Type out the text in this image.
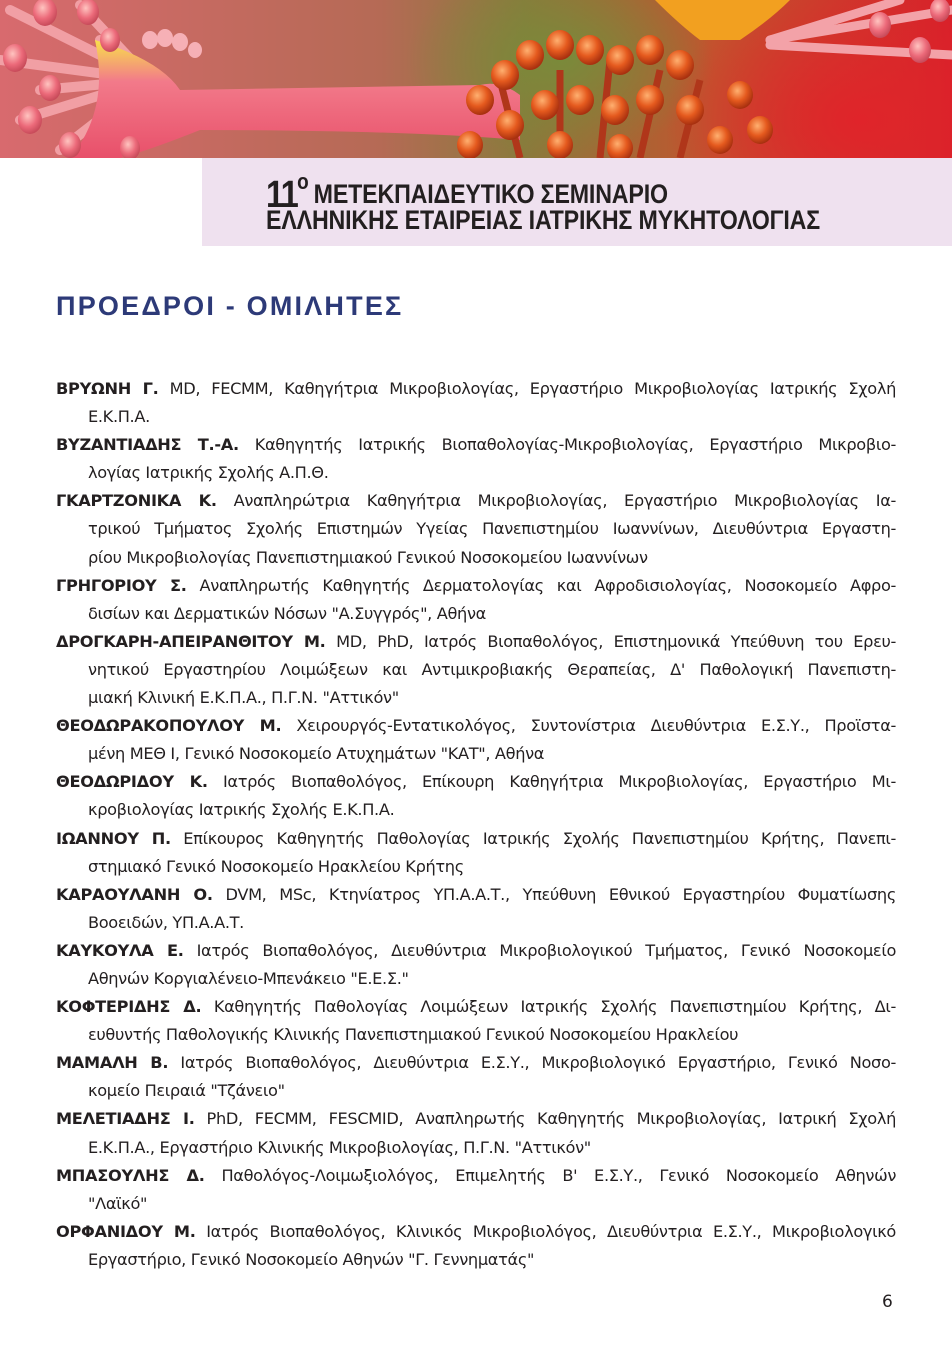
$11^o$ ΜΕΤΕΚΠΑΙΔΕΥΤΙΚΟ ΣΕΜΙΝΑΡΙΟ
ΕΛΛΗΝΙΚΗΣ ΕΤΑΙΡΕΙΑΣ ΙΑΤΡΙΚΗΣ ΜΥΚΗΤΟΛΟΓΙΑΣ
ΠΡΟΕΔΡΟΙ - ΟΜΙΛΗΤΕΣ
ΒΡΥΩΝΗ Γ. MD, FECMM, Καθηγήτρια Μικροβιολογίας, Εργαστήριο Μικροβιολογίας Ιατρικής Σχολή
Ε.Κ.Π.Α.
ΒΥΖΑΝΤΙΑΔΗΣ Τ.-Α. Καθηγητής Ιατρικής Βιοπαθολογίας-Μικροβιολογίας, Εργαστήριο Μικροβιο-
λογίας Ιατρικής Σχολής Α.Π.Θ.
ΓΚΑΡΤΖΟΝΙΚΑ Κ. Αναπληρώτρια Καθηγήτρια Μικροβιολογίας, Εργαστήριο Μικροβιολογίας Ια-
τρικού Τμήματος Σχολής Επιστημών Υγείας Πανεπιστημίου Ιωαννίνων, Διευθύντρια Εργαστη-
ρίου Μικροβιολογίας Πανεπιστημιακού Γενικού Νοσοκομείου Ιωαννίνων
ΓΡΗΓΟΡΙΟΥ Σ. Αναπληρωτής Καθηγητής Δερματολογίας και Αφροδισιολογίας, Νοσοκομείο Αφρο-
δισίων και Δερματικών Νόσων "Α.Συγγρός", Αθήνα
ΔΡΟΓΚΑΡΗ-ΑΠΕΙΡΑΝΘΙΤΟΥ Μ. MD, PhD, Ιατρός Βιοπαθολόγος, Επιστημονικά Υπεύθυνη του Ερευ-
νητικού Εργαστηρίου Λοιμώξεων και Αντιμικροβιακής Θεραπείας, Δ' Παθολογική Πανεπιστη-
μιακή Κλινική Ε.Κ.Π.Α., Π.Γ.Ν. "Αττικόν"
ΘΕΟΔΩΡΑΚΟΠΟΥΛΟΥ Μ. Χειρουργός-Εντατικολόγος, Συντονίστρια Διευθύντρια Ε.Σ.Υ., Προϊστα-
μένη ΜΕΘ Ι, Γενικό Νοσοκομείο Ατυχημάτων "ΚΑΤ", Αθήνα
ΘΕΟΔΩΡΙΔΟΥ Κ. Ιατρός Βιοπαθολόγος, Επίκουρη Καθηγήτρια Μικροβιολογίας, Εργαστήριο Μι-
κροβιολογίας Ιατρικής Σχολής Ε.Κ.Π.Α.
ΙΩΑΝΝΟΥ Π. Επίκουρος Καθηγητής Παθολογίας Ιατρικής Σχολής Πανεπιστημίου Κρήτης, Πανεπι-
στημιακό Γενικό Νοσοκομείο Ηρακλείου Κρήτης
ΚΑΡΑΟΥΛΑΝΗ Ο. DVM, MSc, Κτηνίατρος ΥΠ.Α.Α.Τ., Υπεύθυνη Εθνικού Εργαστηρίου Φυματίωσης
Βοοειδών, ΥΠ.Α.Α.Τ.
ΚΑΥΚΟΥΛΑ Ε. Ιατρός Βιοπαθολόγος, Διευθύντρια Μικροβιολογικού Τμήματος, Γενικό Νοσοκομείο
Αθηνών Κοργιαλένειο-Μπενάκειο "Ε.Ε.Σ."
ΚΟΦΤΕΡΙΔΗΣ Δ. Καθηγητής Παθολογίας Λοιμώξεων Ιατρικής Σχολής Πανεπιστημίου Κρήτης, Δι-
ευθυντής Παθολογικής Κλινικής Πανεπιστημιακού Γενικού Νοσοκομείου Ηρακλείου
ΜΑΜΑΛΗ Β. Ιατρός Βιοπαθολόγος, Διευθύντρια Ε.Σ.Υ., Μικροβιολογικό Εργαστήριο, Γενικό Νοσο-
κομείο Πειραιά "Τζάνειο"
ΜΕΛΕΤΙΑΔΗΣ Ι. PhD, FECMM, FESCMID, Αναπληρωτής Καθηγητής Μικροβιολογίας, Ιατρική Σχολή
Ε.Κ.Π.Α., Εργαστήριο Κλινικής Μικροβιολογίας, Π.Γ.Ν. "Αττικόν"
ΜΠΑΣΟΥΛΗΣ Δ. Παθολόγος-Λοιμωξιολόγος, Επιμελητής Β' Ε.Σ.Υ., Γενικό Νοσοκομείο Αθηνών
"Λαϊκό"
ΟΡΦΑΝΙΔΟΥ Μ. Ιατρός Βιοπαθολόγος, Κλινικός Μικροβιολόγος, Διευθύντρια Ε.Σ.Υ., Μικροβιολογικό
Εργαστήριο, Γενικό Νοσοκομείο Αθηνών "Γ. Γεννηματάς"
6
